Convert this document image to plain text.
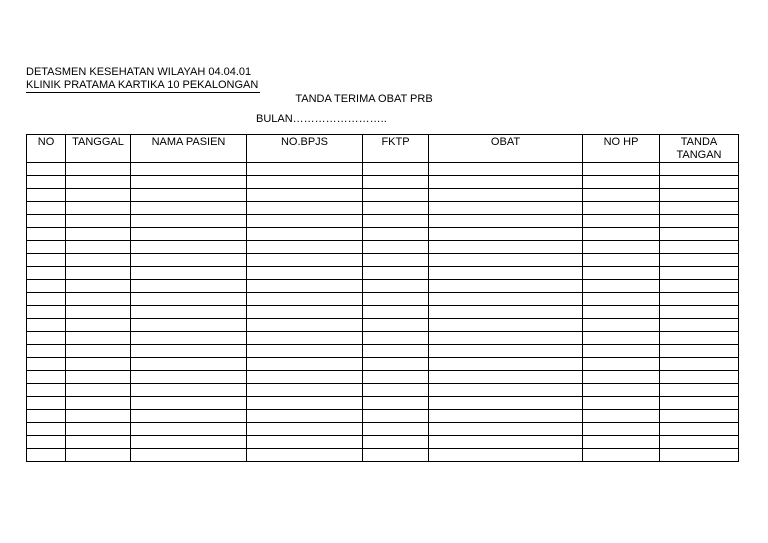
DETASMEN KESEHATAN WILAYAH 04.04.01
KLINIK PRATAMA KARTIKA 10 PEKALONGAN
TANDA TERIMA OBAT PRB
BULAN……………………..
NO	TANGGAL	NAMA PASIEN	NO.BPJS	FKTP	OBAT	NO HP	TANDA TANGAN
